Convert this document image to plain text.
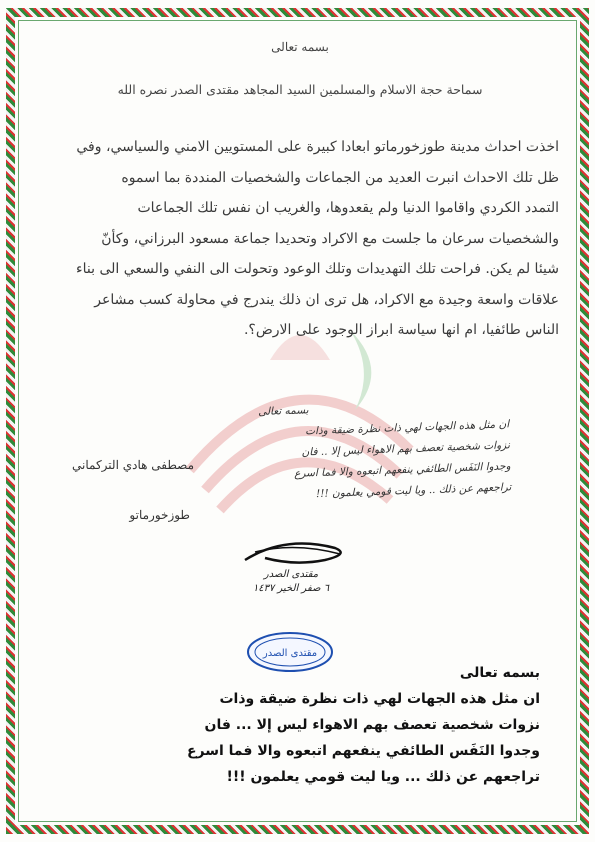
بسمه تعالى
سماحة حجة الاسلام والمسلمين السيد المجاهد مقتدى الصدر نصره الله

اخذت احداث مدينة طوزخورماتو ابعادا كبيرة على المستويين الامني والسياسي، وفي

ظل تلك الاحداث انبرت العديد من الجماعات والشخصيات المنددة بما اسموه

التمدد الكردي واقاموا الدنيا ولم يقعدوها، والغريب ان نفس تلك الجماعات

والشخصيات سرعان ما جلست مع الاكراد وتحديدا جماعة مسعود البرزاني، وكأنّ

شيئا لم يكن. فراحت تلك التهديدات وتلك الوعود وتحولت الى النفي والسعي الى بناء

علاقات واسعة وجيدة مع الاكراد، هل ترى ان ذلك يندرج في محاولة كسب مشاعر

الناس طائفيا، ام انها سياسة ابراز الوجود على الارض؟.

بسمه تعالى

ان مثل هذه الجهات لهي ذات نظرة ضيقة وذات

نزوات شخصية تعصف بهم الاهواء ليس إلا .. فان

وجدوا النَفَس الطائفي ينفعهم اتبعوه والا فما اسرع

تراجعهم عن ذلك .. ويا ليت قومي يعلمون !!!

مصطفى هادي التركماني
طوزخورماتو
مقتدى الصدر
٦ صفر الخير ١٤٣٧
مقتدى الصدر

بسمه تعالى

ان مثل هذه الجهات لهي ذات نظرة ضيقة وذات

نزوات شخصية تعصف بهم الاهواء ليس إلا ... فان

وجدوا النَفَس الطائفي ينفعهم اتبعوه والا فما اسرع

تراجعهم عن ذلك ... ويا ليت قومي يعلمون !!!
